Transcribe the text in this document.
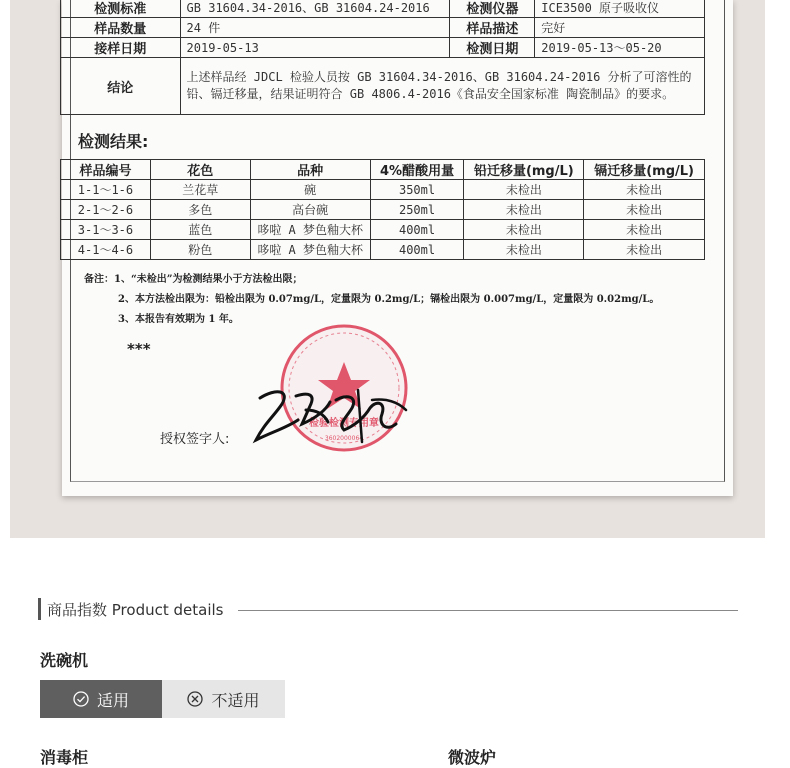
检测标准	GB 31604.34-2016、GB 31604.24-2016	检测仪器	ICE3500 原子吸收仪
样品数量	24 件	样品描述	完好
接样日期	2019-05-13	检测日期	2019-05-13～05-20
结论	上述样品经 JDCL 检验人员按 GB 31604.34-2016、GB 31604.24-2016 分析了可溶性的铅、镉迁移量，结果证明符合 GB 4806.4-2016《食品安全国家标准 陶瓷制品》的要求。		
检测结果:
样品编号	花色	品种	4%醋酸用量	铅迁移量(mg/L)	镉迁移量(mg/L)
1-1～1-6	兰花草	碗	350ml	未检出	未检出
2-1～2-6	多色	高台碗	250ml	未检出	未检出
3-1～3-6	蓝色	哆啦 A 梦色釉大杯	400ml	未检出	未检出
4-1～4-6	粉色	哆啦 A 梦色釉大杯	400ml	未检出	未检出
备注：1、“未检出”为检测结果小于方法检出限；
2、本方法检出限为：铅检出限为 0.07mg/L，定量限为 0.2mg/L；镉检出限为 0.007mg/L，定量限为 0.02mg/L。
3、本报告有效期为 1 年。
***
授权签字人:
检验检测专用章
3602000064
商品指数 Product details
洗碗机
适用	不适用
消毒柜	微波炉
